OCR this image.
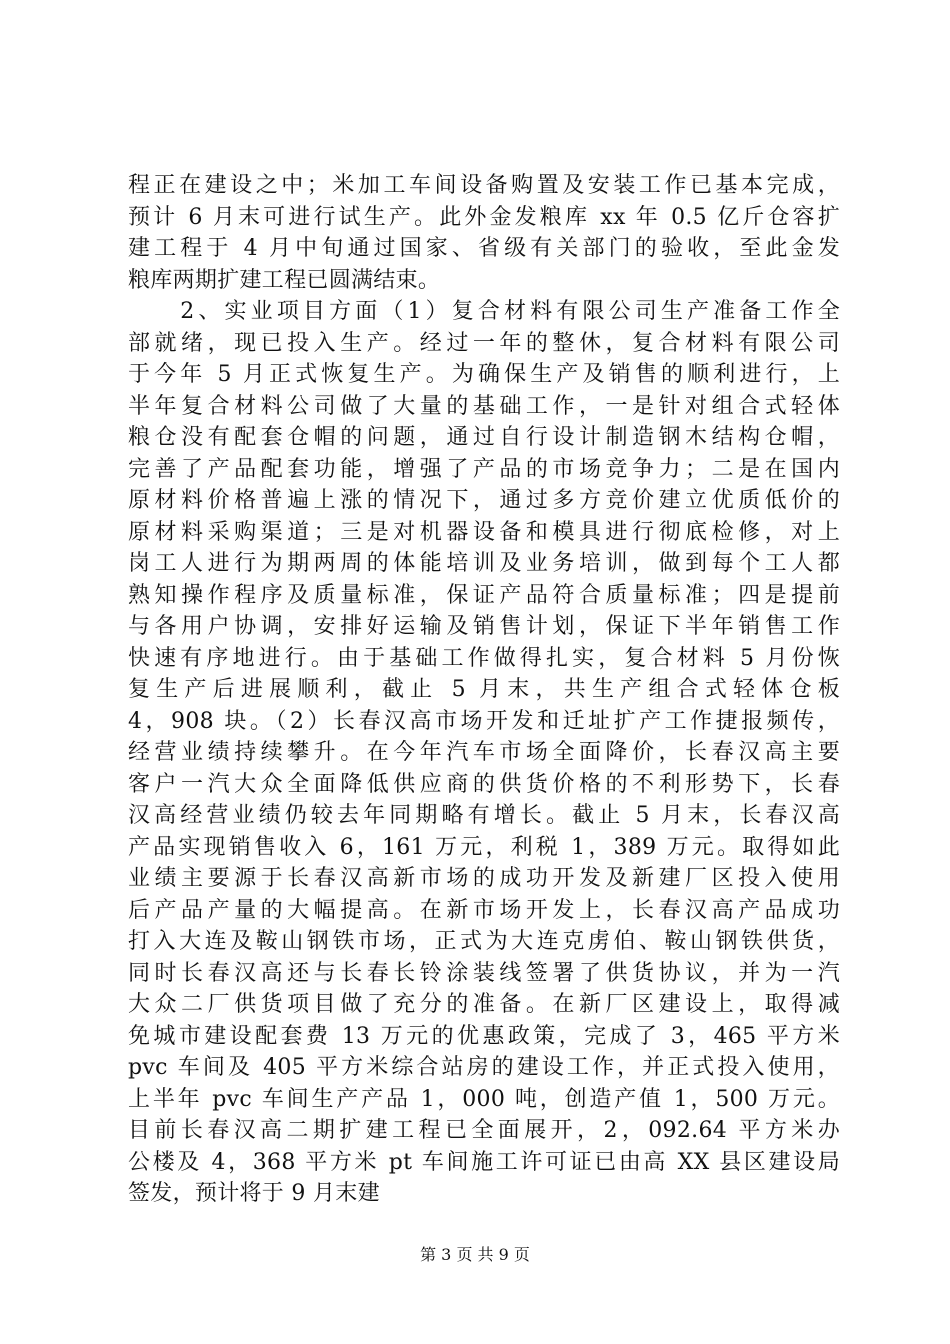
程正在建设之中；米加工车间设备购置及安装工作已基本完成，
预计 6 月末可进行试生产。此外金发粮库 xx 年 0.5 亿斤仓容扩
建工程于 4 月中旬通过国家、省级有关部门的验收，至此金发
粮库两期扩建工程已圆满结束。
　　2、实业项目方面（1）复合材料有限公司生产准备工作全
部就绪，现已投入生产。经过一年的整休，复合材料有限公司
于今年 5 月正式恢复生产。为确保生产及销售的顺利进行，上
半年复合材料公司做了大量的基础工作，一是针对组合式轻体
粮仓没有配套仓帽的问题，通过自行设计制造钢木结构仓帽，
完善了产品配套功能，增强了产品的市场竞争力；二是在国内
原材料价格普遍上涨的情况下，通过多方竞价建立优质低价的
原材料采购渠道；三是对机器设备和模具进行彻底检修，对上
岗工人进行为期两周的体能培训及业务培训，做到每个工人都
熟知操作程序及质量标准，保证产品符合质量标准；四是提前
与各用户协调，安排好运输及销售计划，保证下半年销售工作
快速有序地进行。由于基础工作做得扎实，复合材料 5 月份恢
复生产后进展顺利，截止 5 月末，共生产组合式轻体仓板
4，908 块。（2）长春汉高市场开发和迁址扩产工作捷报频传，
经营业绩持续攀升。在今年汽车市场全面降价，长春汉高主要
客户一汽大众全面降低供应商的供货价格的不利形势下，长春
汉高经营业绩仍较去年同期略有增长。截止 5 月末，长春汉高
产品实现销售收入 6，161 万元，利税 1，389 万元。取得如此
业绩主要源于长春汉高新市场的成功开发及新建厂区投入使用
后产品产量的大幅提高。在新市场开发上，长春汉高产品成功
打入大连及鞍山钢铁市场，正式为大连克虏伯、鞍山钢铁供货，
同时长春汉高还与长春长铃涂装线签署了供货协议，并为一汽
大众二厂供货项目做了充分的准备。在新厂区建设上，取得减
免城市建设配套费 13 万元的优惠政策，完成了 3，465 平方米
pvc 车间及 405 平方米综合站房的建设工作，并正式投入使用，
上半年 pvc 车间生产产品 1，000 吨，创造产值 1，500 万元。
目前长春汉高二期扩建工程已全面展开，2，092.64 平方米办
公楼及 4，368 平方米 pt 车间施工许可证已由高 XX 县区建设局
签发，预计将于 9 月末建
第 3 页 共 9 页
